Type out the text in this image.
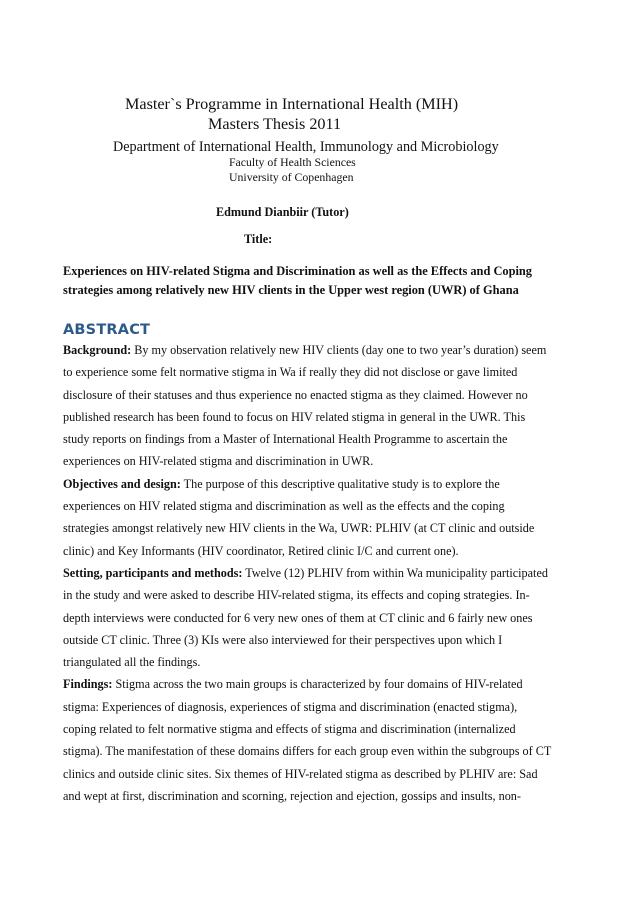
Master`s Programme in International Health (MIH)
Masters Thesis 2011
Department of International Health, Immunology and Microbiology
Faculty of Health Sciences
University of Copenhagen
Edmund Dianbiir (Tutor)
Title:
Experiences on HIV-related Stigma and Discrimination as well as the Effects and Coping
strategies among relatively new HIV clients in the Upper west region (UWR) of Ghana
ABSTRACT
Background: By my observation relatively new HIV clients (day one to two year’s duration) seem
to experience some felt normative stigma in Wa if really they did not disclose or gave limited
disclosure of their statuses and thus experience no enacted stigma as they claimed. However no
published research has been found to focus on HIV related stigma in general in the UWR. This
study reports on findings from a Master of International Health Programme to ascertain the
experiences on HIV-related stigma and discrimination in UWR.
Objectives and design: The purpose of this descriptive qualitative study is to explore the
experiences on HIV related stigma and discrimination as well as the effects and the coping
strategies amongst relatively new HIV clients in the Wa, UWR: PLHIV (at CT clinic and outside
clinic) and Key Informants (HIV coordinator, Retired clinic I/C and current one).
Setting, participants and methods: Twelve (12) PLHIV from within Wa municipality participated
in the study and were asked to describe HIV-related stigma, its effects and coping strategies. In-
depth interviews were conducted for 6 very new ones of them at CT clinic and 6 fairly new ones
outside CT clinic. Three (3) KIs were also interviewed for their perspectives upon which I
triangulated all the findings.
Findings: Stigma across the two main groups is characterized by four domains of HIV-related
stigma: Experiences of diagnosis, experiences of stigma and discrimination (enacted stigma),
coping related to felt normative stigma and effects of stigma and discrimination (internalized
stigma). The manifestation of these domains differs for each group even within the subgroups of CT
clinics and outside clinic sites. Six themes of HIV-related stigma as described by PLHIV are: Sad
and wept at first, discrimination and scorning, rejection and ejection, gossips and insults, non-
